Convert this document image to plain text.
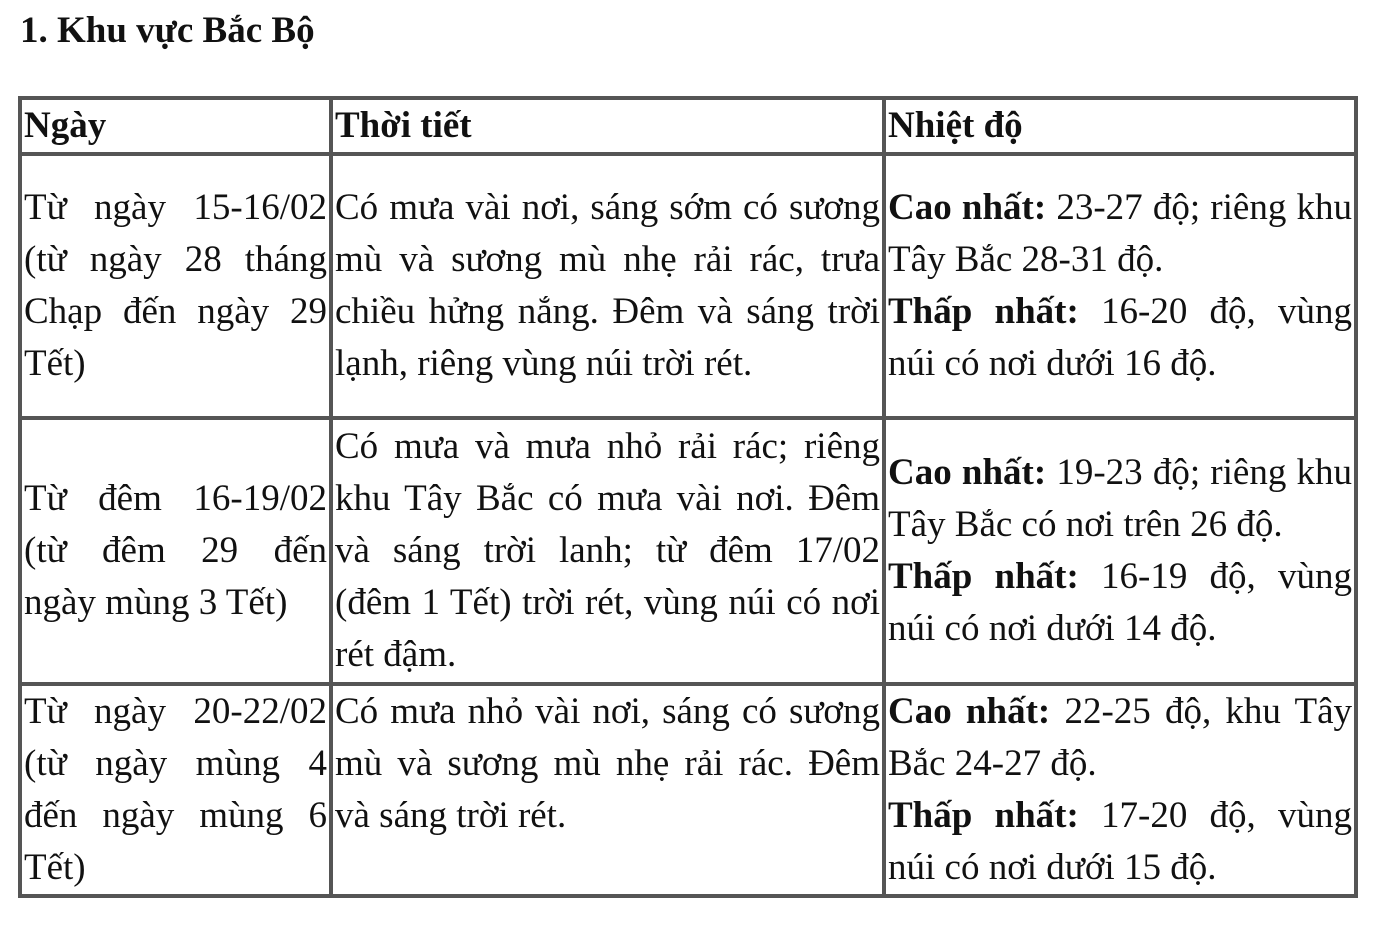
1. Khu vực Bắc Bộ
Ngày	Thời tiết	Nhiệt độ
Từ ngày 15-16/02 (từ ngày 28 tháng Chạp đến ngày 29 Tết)	Có mưa vài nơi, sáng sớm có sương mù và sương mù nhẹ rải rác, trưa chiều hửng nắng. Đêm và sáng trời lạnh, riêng vùng núi trời rét.	Cao nhất: 23-27 độ; riêng khu Tây Bắc 28-31 độ.
Thấp nhất: 16-20 độ, vùng núi có nơi dưới 16 độ.

Từ đêm 16-19/02 (từ đêm 29 đến ngày mùng 3 Tết)	Có mưa và mưa nhỏ rải rác; riêng khu Tây Bắc có mưa vài nơi. Đêm và sáng trời lanh; từ đêm 17/02 (đêm 1 Tết) trời rét, vùng núi có nơi rét đậm.	Cao nhất: 19-23 độ; riêng khu Tây Bắc có nơi trên 26 độ.
Thấp nhất: 16-19 độ, vùng núi có nơi dưới 14 độ.

Từ ngày 20-22/02 (từ ngày mùng 4 đến ngày mùng 6 Tết)	Có mưa nhỏ vài nơi, sáng có sương mù và sương mù nhẹ rải rác. Đêm và sáng trời rét.	Cao nhất: 22-25 độ, khu Tây Bắc 24-27 độ.
Thấp nhất: 17-20 độ, vùng núi có nơi dưới 15 độ.
